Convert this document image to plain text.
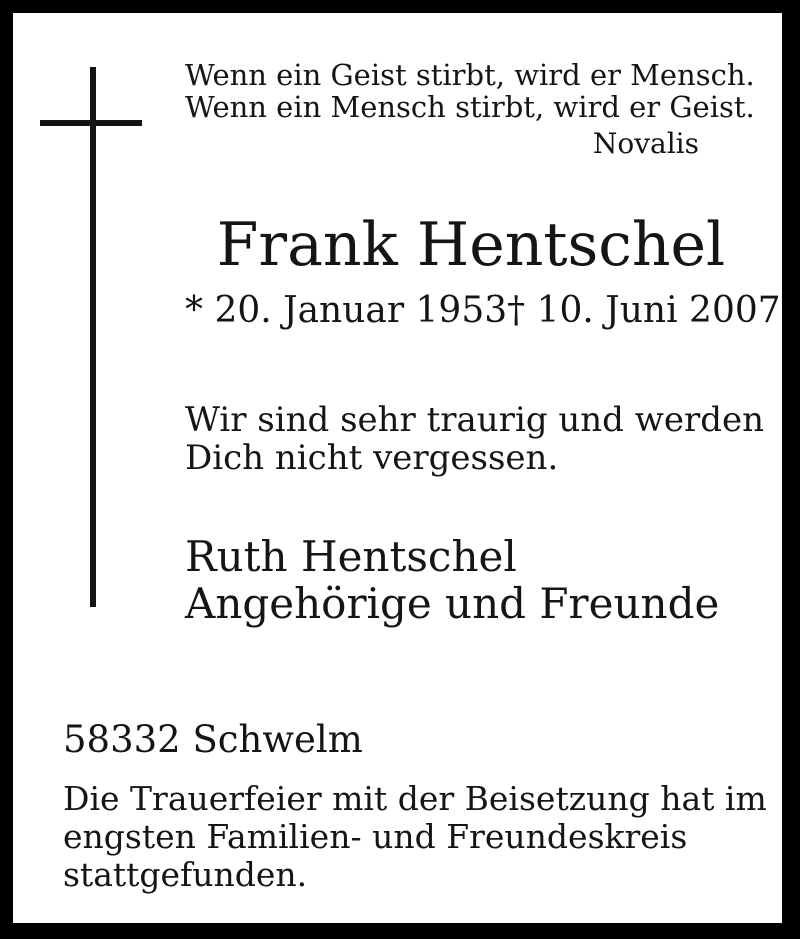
Wenn ein Geist stirbt, wird er Mensch.
Wenn ein Mensch stirbt, wird er Geist.
Novalis
Frank Hentschel
* 20. Januar 1953 † 10. Juni 2007
Wir sind sehr traurig und werden
Dich nicht vergessen.
Ruth Hentschel
Angehörige und Freunde
58332 Schwelm
Die Trauerfeier mit der Beisetzung hat im
engsten Familien- und Freundeskreis
stattgefunden.
